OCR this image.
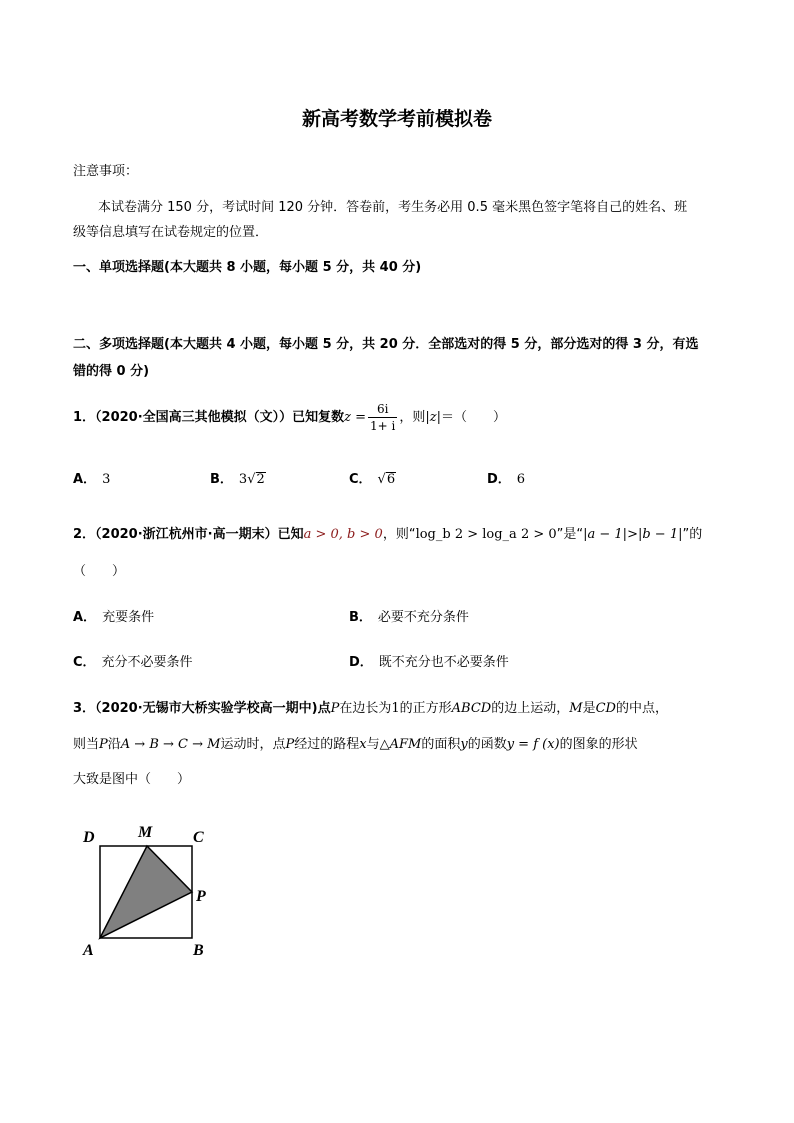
新高考数学考前模拟卷
注意事项：
本试卷满分 150 分，考试时间 120 分钟．答卷前，考生务必用 0.5 毫米黑色签字笔将自己的姓名、班
级等信息填写在试卷规定的位置．
一、单项选择题(本大题共 8 小题，每小题 5 分，共 40 分)
二、多项选择题(本大题共 4 小题，每小题 5 分，共 20 分．全部选对的得 5 分，部分选对的得 3 分，有选
错的得 0 分)
1．（2020·全国高三其他模拟（文））已知复数$z = \frac{6i}{1+ i}$ ，则|z|＝（　　）
A． 3	B． 3√2	C． √6	D． 6
2．（2020·浙江杭州市·高一期末）已知a > 0, b > 0，则“log_b 2 > log_a 2 > 0”是“|a − 1|>|b − 1|”的
（　　）
A． 充要条件	B． 必要不充分条件
C． 充分不必要条件	D． 既不充分也不必要条件
3．（2020·无锡市大桥实验学校高一期中)点P在边长为1的正方形ABCD的边上运动，M是CD的中点，
则当P沿A → B → C → M运动时，点P经过的路程x与△AFM的面积y的函数y = f (x)的图象的形状
大致是图中（　　）
D	M	C
P
A	B
